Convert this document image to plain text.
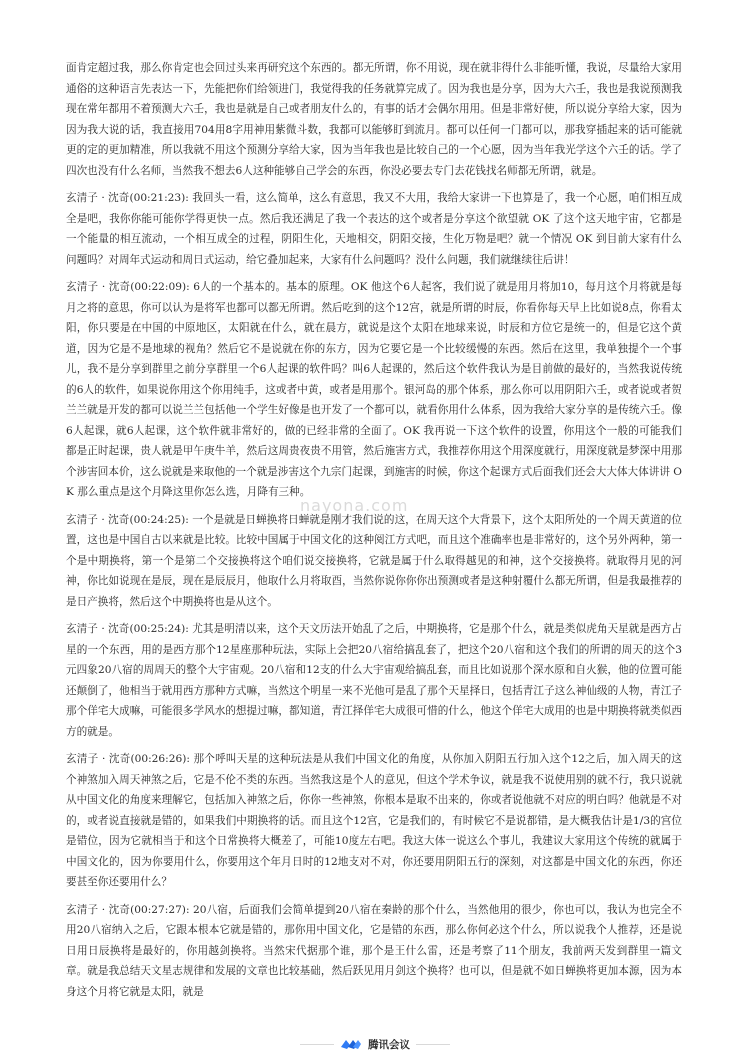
面肯定超过我，那么你肯定也会回过头来再研究这个东西的。都无所谓，你不用说，现在就非得什么非能听懂，我说，尽量给大家用通俗的这种语言先表达一下，先能把你们给领进门，我觉得我的任务就算完成了。因为我也是分享，因为大六壬，我也是我说预测我现在常年都用不着预测大六壬，我也是就是自己或者朋友什么的，有事的话才会偶尔用用。但是非常好使，所以说分享给大家，因为因为我大说的话，我直接用704用8字用神用紫微斗数，我都可以能够盯到流月。都可以任何一门都可以，那我穿插起来的话可能就更的定的更加精准，所以我就不用这个预测分享给大家，因为当年我也是比较自己的一个心愿，因为当年我光学这个六壬的话。学了四次也没有什么名师，当然我不想去6人这种能够自己学会的东西，你没必要去专门去花钱找名师都无所谓，就是。

玄清子 · 沈奇(00:21:23): 我回头一看，这么简单，这么有意思，我又不大用，我给大家讲一下也算是了，我一个心愿，咱们相互成全是吧，我你你能可能你学得更快一点。然后我还满足了我一个表达的这个或者是分享这个欲望就 OK 了这个这天地宇宙，它都是一个能量的相互流动，一个相互成全的过程，阴阳生化，天地相交，阴阳交接，生化万物是吧？就一个情况 OK 到目前大家有什么问题吗？对周年式运动和周日式运动，给它叠加起来，大家有什么问题吗？没什么问题，我们就继续往后讲！

玄清子 · 沈奇(00:22:09): 6人的一个基本的。基本的原理。OK 他这个6人起客，我们说了就是用月将加10，每月这个月将就是每月之将的意思，你可以认为是将军也都可以都无所谓。然后吃到的这个12宫，就是所谓的时辰，你看你每天早上比如说8点，你看太阳，你只要是在中国的中原地区，太阳就在什么，就在晨方，就说是这个太阳在地球来说，时辰和方位它是统一的，但是它这个黄道，因为它是不是地球的视角？然后它不是说就在你的东方，因为它要它是一个比较缓慢的东西。然后在这里，我单独提个一个事儿，我不是分享到群里之前分享群里一个6人起课的软件吗？叫6人起课的，然后这个软件我认为是目前做的最好的，当然我说传统的6人的软件，如果说你用这个你用纯手，这或者中黄，或者是用那个。银河岛的那个体系，那么你可以用阴阳六壬，或者说或者贺兰兰就是开发的都可以说兰兰包括他一个学生好像是也开发了一个都可以，就看你用什么体系，因为我给大家分享的是传统六壬。像6人起课，就6人起课，这个软件就非常好的，做的已经非常的全面了。OK 我再说一下这个软件的设置，你用这个一般的可能我们都是正时起课，贵人就是甲午庚牛羊，然后这周贵夜贵不用管，然后施害方式，我推荐你用这个用深度就行，用深度就是梦深中用那个涉害回本价，这么说就是来取他的一个就是涉害这个九宗门起课，到施害的时候，你这个起课方式后面我们还会大大体大体讲讲 OK 那么重点是这个月降这里你怎么选，月降有三种。

玄清子 · 沈奇(00:24:25): 一个是就是日蝉换将日蝉就是刚才我们说的这，在周天这个大背景下，这个太阳所处的一个周天黄道的位置，这也是中国自古以来就是比较。比较中国属于中国文化的这种阅江方式吧，而且这个准确率也是非常好的，这个另外两种，第一个是中期换将，第一个是第二个交接换将这个咱们说交接换将，它就是属于什么取得越见的和神，这个交接换将。就取得月见的河神，你比如说现在是辰，现在是辰辰月，他取什么月将取酉，当然你说你你你出预测或者是这种射覆什么都无所谓，但是我最推荐的是日产换将，然后这个中期换将也是从这个。

玄清子 · 沈奇(00:25:24): 尤其是明清以来，这个天文历法开始乱了之后，中期换将，它是那个什么，就是类似虎角天星就是西方占星的一个东西，用的是西方那个12星座那种玩法，实际上会把20八宿给搞乱套了，把这个20八宿和这个我们的所谓的周天的这个3元四象20八宿的周周天的整个大宇宙观。20八宿和12支的什么大宇宙观给搞乱套，而且比如说那个深水原和自火猴，他的位置可能还颠倒了，他相当于就用西方那种方式嘛，当然这个明星一来不光他可是乱了那个天星择日，包括青江子这么神仙级的人物，青江子那个佯宅大成嘛，可能很多学风水的想提过嘛，都知道，青江择佯宅大成很可惜的什么，他这个佯宅大成用的也是中期换将就类似西方的就是。

玄清子 · 沈奇(00:26:26): 那个呼叫天星的这种玩法是从我们中国文化的角度，从你加入阴阳五行加入这个12之后，加入周天的这个神煞加入周天神煞之后，它是不伦不类的东西。当然我这是个人的意见，但这个学术争议，就是我不说使用别的就不行，我只说就从中国文化的角度来理解它，包括加入神煞之后，你你一些神煞，你根本是取不出来的，你或者说他就不对应的明白吗？他就是不对的，或者说直接就是错的，如果我们中期换将的话。而且这个12宫，它是我们的，有时候它不是说都错，是大概我估计是1/3的宫位是错位，因为它就相当于和这个日常换将大概差了，可能10度左右吧。我这大体一说这么个事儿，我建议大家用这个传统的就属于中国文化的，因为你要用什么，你要用这个年月日时的12地支对不对，你还要用阴阳五行的深刻，对这都是中国文化的东西，你还要甚至你还要用什么？

玄清子 · 沈奇(00:27:27): 20八宿，后面我们会简单提到20八宿在秦龄的那个什么，当然他用的很少，你也可以，我认为也完全不用20八宿纳入之后，它跟本根本它就是错的，那你用中国文化，它是错的东西，那么你何必这个什么，所以说我个人推荐，还是说日用日辰换将是最好的，你用越剑换将。当然宋代据那个谁，那个是王什么雷，还是考察了11个朋友，我前两天发到群里一篇文章。就是我总结天文星志规律和发展的文章也比较基础，然后跃见用月剑这个换将？也可以，但是就不如日蝉换将更加本源，因为本身这个月将它就是太阳，就是

nayona.com
腾讯会议
